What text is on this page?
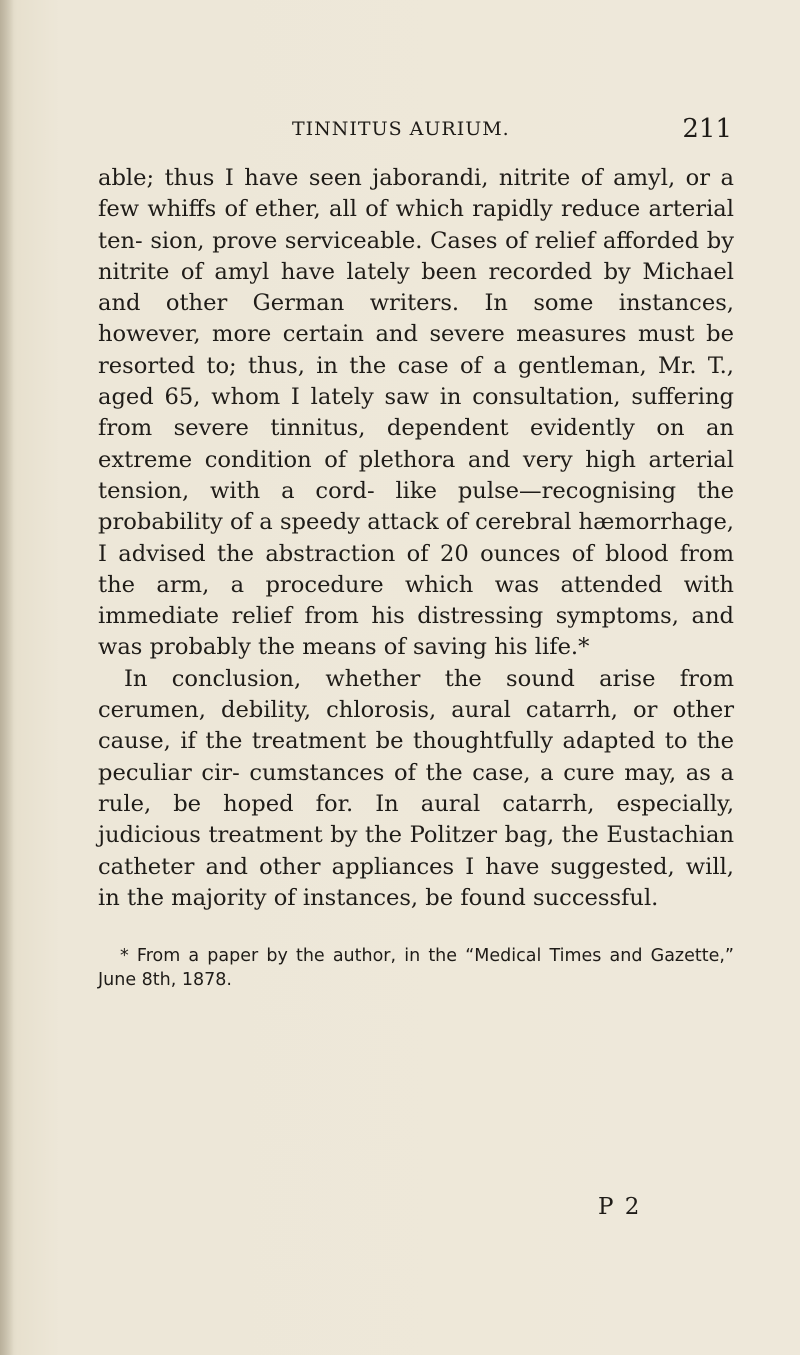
TINNITUS AURIUM.	211

able; thus I have seen jaborandi, nitrite of amyl, or a few whiffs of ether, all of which rapidly reduce arterial ten- sion, prove serviceable. Cases of relief afforded by nitrite of amyl have lately been recorded by Michael and other German writers. In some instances, however, more certain and severe measures must be resorted to; thus, in the case of a gentleman, Mr. T., aged 65, whom I lately saw in consultation, suffering from severe tinnitus, dependent evidently on an extreme condition of plethora and very high arterial tension, with a cord- like pulse—recognising the probability of a speedy attack of cerebral hæmorrhage, I advised the abstraction of 20 ounces of blood from the arm, a procedure which was attended with immediate relief from his distressing symptoms, and was probably the means of saving his life.*

In conclusion, whether the sound arise from cerumen, debility, chlorosis, aural catarrh, or other cause, if the treatment be thoughtfully adapted to the peculiar cir- cumstances of the case, a cure may, as a rule, be hoped for. In aural catarrh, especially, judicious treatment by the Politzer bag, the Eustachian catheter and other appliances I have suggested, will, in the majority of instances, be found successful.

* From a paper by the author, in the “Medical Times and Gazette,” June 8th, 1878.
P 2
